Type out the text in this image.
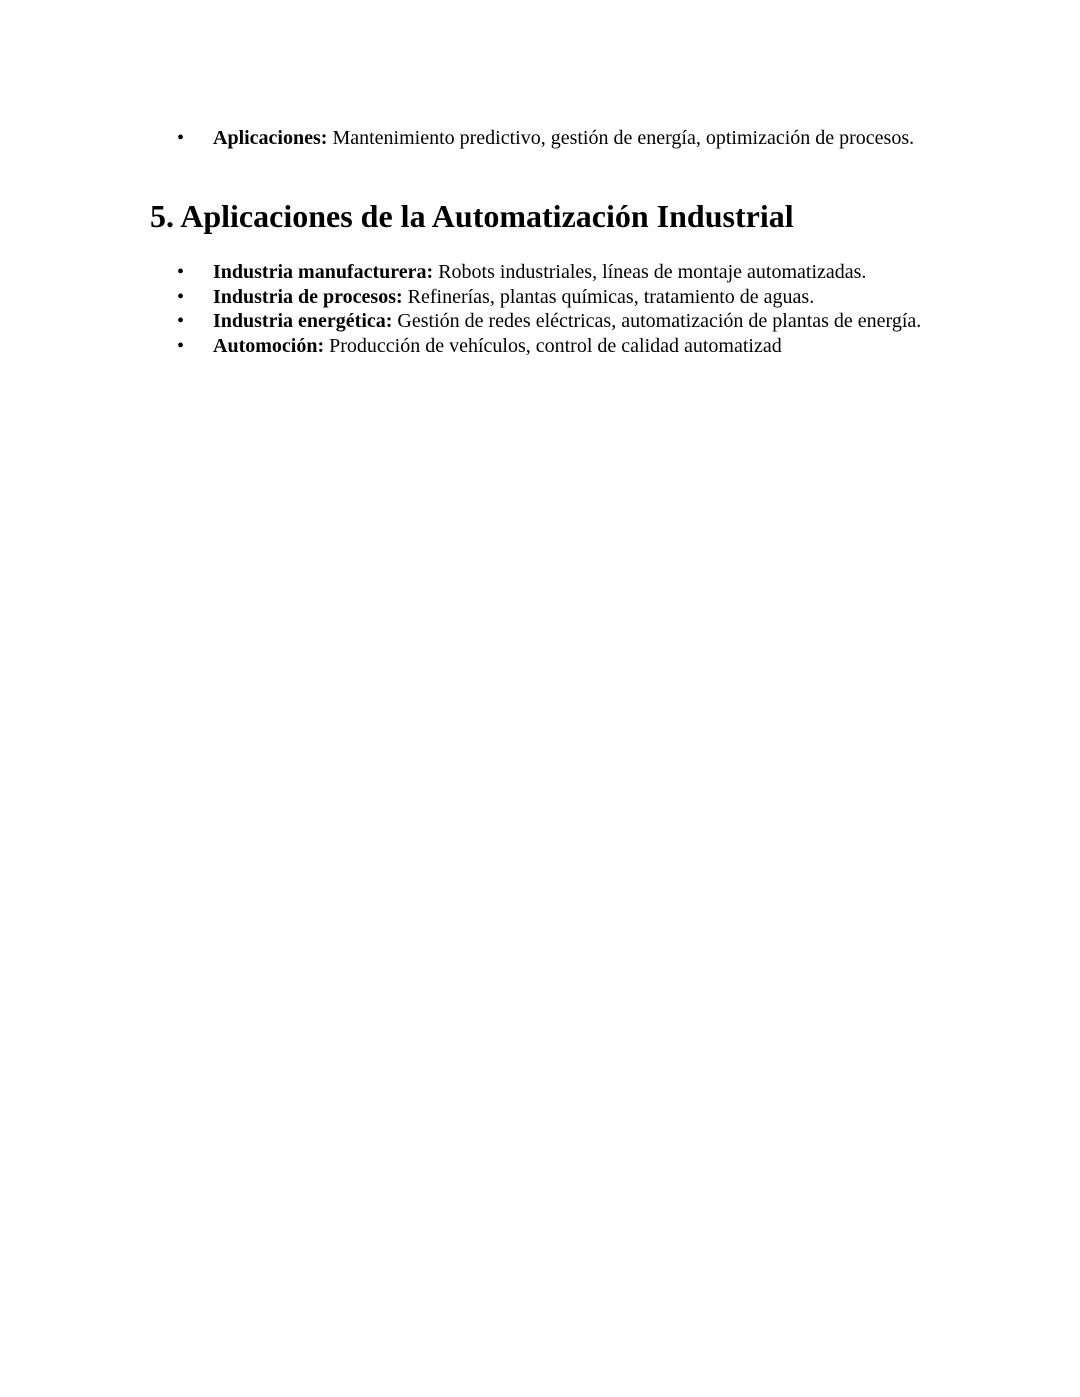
• Aplicaciones: Mantenimiento predictivo, gestión de energía, optimización de procesos.
5. Aplicaciones de la Automatización Industrial
• Industria manufacturera: Robots industriales, líneas de montaje automatizadas.
• Industria de procesos: Refinerías, plantas químicas, tratamiento de aguas.
• Industria energética: Gestión de redes eléctricas, automatización de plantas de energía.
• Automoción: Producción de vehículos, control de calidad automatizad
